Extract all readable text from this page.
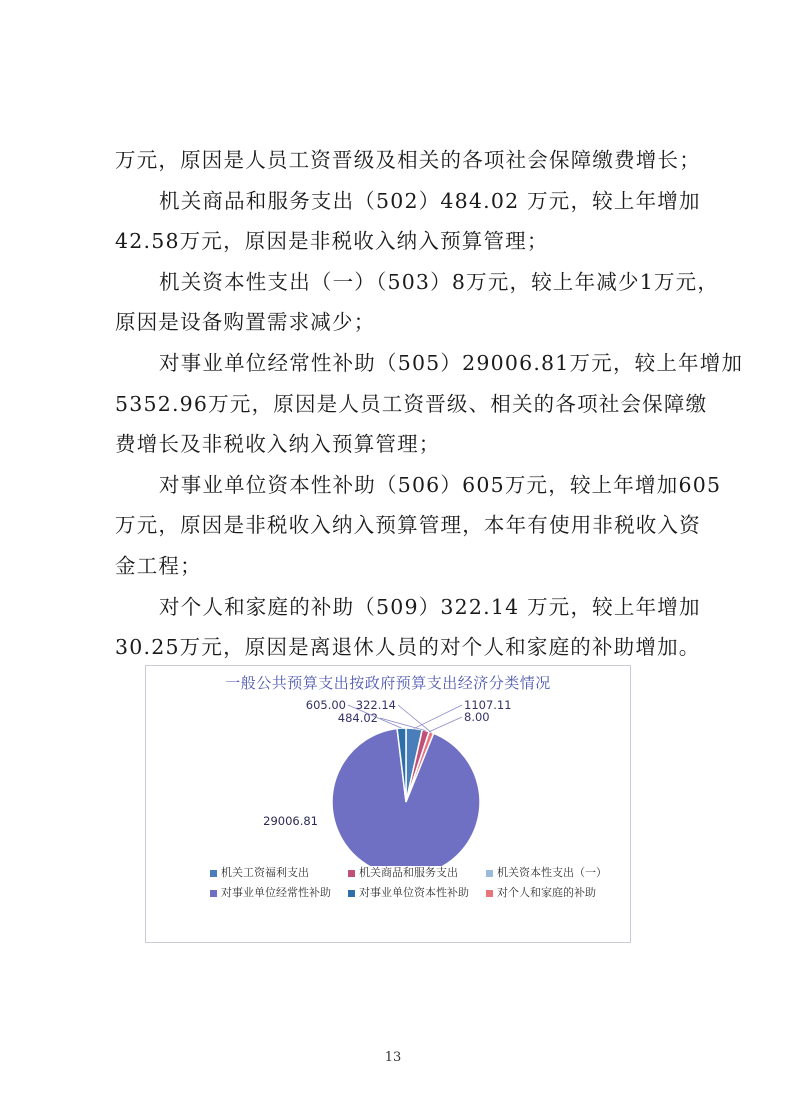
万元，原因是人员工资晋级及相关的各项社会保障缴费增长；
机关商品和服务支出（502）484.02 万元，较上年增加
42.58万元，原因是非税收入纳入预算管理；
机关资本性支出（一）（503）8万元，较上年减少1万元，
原因是设备购置需求减少；
对事业单位经常性补助（505）29006.81万元，较上年增加
5352.96万元，原因是人员工资晋级、相关的各项社会保障缴
费增长及非税收入纳入预算管理；
对事业单位资本性补助（506）605万元，较上年增加605
万元，原因是非税收入纳入预算管理，本年有使用非税收入资
金工程；
对个人和家庭的补助（509）322.14 万元，较上年增加
30.25万元，原因是离退休人员的对个人和家庭的补助增加。
一般公共预算支出按政府预算支出经济分类情况
1107.11
484.02	8.00
29006.81
605.00 322.14
机关工资福利支出	机关商品和服务支出	机关资本性支出（一）
对事业单位经常性补助	对事业单位资本性补助	对个人和家庭的补助
13
